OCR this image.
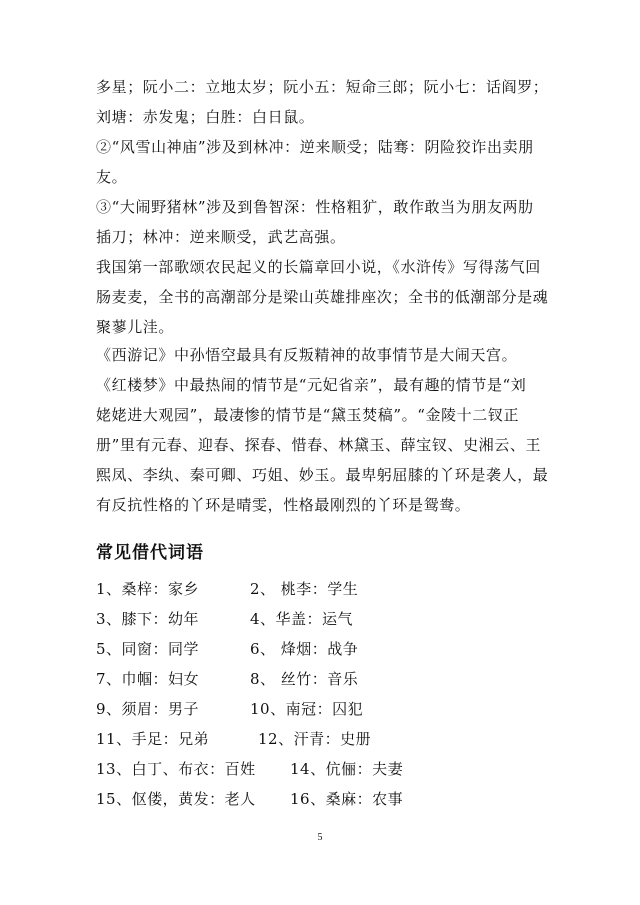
多星；阮小二：立地太岁；阮小五：短命三郎；阮小七：话阎罗；

刘塘：赤发鬼；白胜：白日鼠。

②“风雪山神庙”涉及到林冲：逆来顺受；陆骞：阴险狡诈出卖朋

友。

③“大闹野猪林”涉及到鲁智深：性格粗犷，敢作敢当为朋友两肋

插刀；林冲：逆来顺受，武艺高强。

我国第一部歌颂农民起义的长篇章回小说，《水浒传》写得荡气回

肠麦麦，全书的高潮部分是梁山英雄排座次；全书的低潮部分是魂

聚蓼儿洼。

《西游记》中孙悟空最具有反叛精神的故事情节是大闹天宫。

《红楼梦》中最热闹的情节是“元妃省亲”，最有趣的情节是“刘

姥姥进大观园”，最凄惨的情节是“黛玉焚稿”。“金陵十二钗正

册”里有元春、迎春、探春、惜春、林黛玉、薛宝钗、史湘云、王

熙凤、李纨、秦可卿、巧姐、妙玉。最卑躬屈膝的丫环是袭人，最

有反抗性格的丫环是晴雯，性格最刚烈的丫环是鸳鸯。

常见借代词语
1、桑梓：家乡	2、 桃李：学生
3、膝下：幼年	4、华盖：运气
5、同窗：同学	6、 烽烟：战争
7、巾帼：妇女	8、 丝竹：音乐
9、须眉：男子	10、南冠：囚犯
11、手足：兄弟	12、汗青：史册
13、白丁、布衣：百姓 14、伉俪：夫妻
15、伛偻，黄发：老人 16、桑麻：农事
5
